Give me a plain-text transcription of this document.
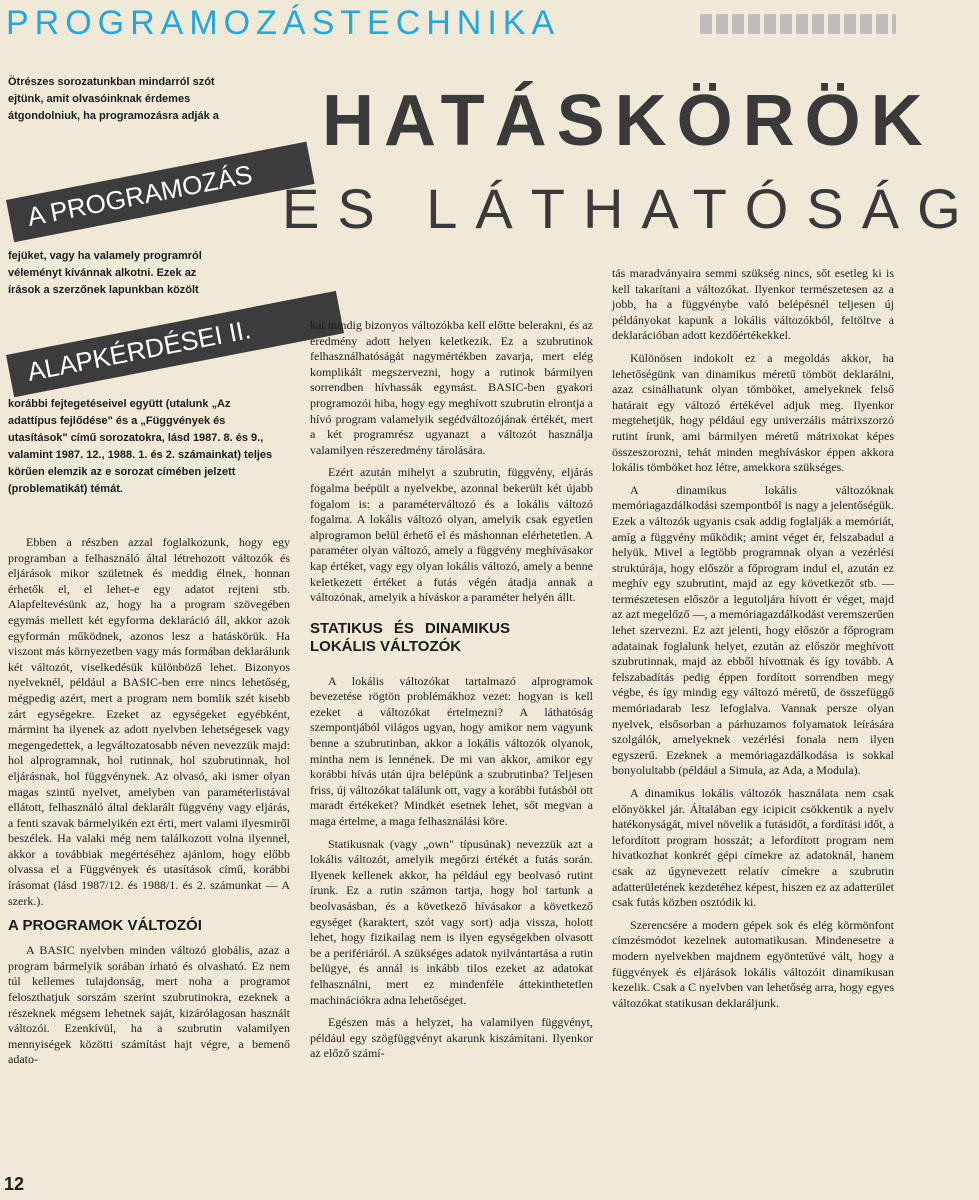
PROGRAMOZÁSTECHNIKA

Ötrészes sorozatunkban mindarról szót ejtünk, amit olvasóinknak érdemes átgondolniuk, ha programozásra adják a HATÁSKÖRÖK
ÉS LÁTHATÓSÁG
A PROGRAMOZÁS

fejüket, vagy ha valamely programról véleményt kívánnak alkotni. Ezek az írások a szerzőnek lapunkban közölt

ALAPKÉRDÉSEI II.

korábbi fejtegetéseivel együtt (utalunk „Az adattípus fejlődése" és a „Függvények és utasítások" című sorozatokra, lásd 1987. 8. és 9., valamint 1987. 12., 1988. 1. és 2. számainkat) teljes körűen elemzik az e sorozat címében jelzett (problematikát) témát.

Ebben a részben azzal foglalkozunk, hogy egy programban a felhasználó által létrehozott változók és eljárások mikor születnek és meddig élnek, honnan érhetők el, el lehet-e egy adatot rejteni stb. Alapfeltevésünk az, hogy ha a program szövegében egymás mellett két egyforma deklaráció áll, akkor azok egyformán működnek, azonos lesz a hatáskörük. Ha viszont más környezetben vagy más formában deklarálunk két változót, viselkedésük különböző lehet. Bizonyos nyelveknél, például a BASIC-ben erre nincs lehetőség, mégpedig azért, mert a program nem bomlik szét kisebb zárt egységekre. Ezeket az egységeket egyébként, mármint ha ilyenek az adott nyelvben lehetségesek vagy megengedettek, a legváltozatosabb néven nevezzük majd: hol alprogramnak, hol rutinnak, hol szubrutinnak, hol eljárásnak, hol függvénynek. Az olvasó, aki ismer olyan magas szintű nyelvet, amelyben van paraméterlistával ellátott, felhasználó által deklarált függvény vagy eljárás, a fenti szavak bármelyikén ezt érti, mert valami ilyesmiről beszélek. Ha valaki még nem találkozott volna ilyennel, akkor a továbbiak megértéséhez ajánlom, hogy előbb olvassa el a Függvények és utasítások című, korábbi írásomat (lásd 1987/12. és 1988/1. és 2. számunkat — A szerk.).

A PROGRAMOK VÁLTOZÓI

A BASIC nyelvben minden változó globális, azaz a program bármelyik sorában írható és olvasható. Ez nem túl kellemes tulajdonság, mert noha a programot feloszthatjuk sorszám szerint szubrutinokra, ezeknek a részeknek mégsem lehetnek saját, kizárólagosan használt változói. Ezenkívül, ha a szubrutin valamilyen mennyiségek közötti számítást hajt végre, a bemenő adato-

kat mindig bizonyos változókba kell előtte belerakni, és az eredmény adott helyen keletkezik. Ez a szubrutinok felhasználhatóságát nagymértékben zavarja, mert elég komplikált megszervezni, hogy a rutinok bármilyen sorrendben hívhassák egymást. BASIC-ben gyakori programozói hiba, hogy egy meghívott szubrutin elrontja a hívó program valamelyik segédváltozójának értékét, mert a két programrész ugyanazt a változót használja valamilyen részeredmény tárolására.

Ezért azután mihelyt a szubrutin, függvény, eljárás fogalma beépült a nyelvekbe, azonnal bekerült két újabb fogalom is: a paraméterváltozó és a lokális változó fogalma. A lokális változó olyan, amelyik csak egyetlen alprogramon belül érhető el és máshonnan elérhetetlen. A paraméter olyan változó, amely a függvény meghívásakor kap értéket, vagy egy olyan lokális változó, amely a benne keletkezett értéket a futás végén átadja annak a változónak, amelyik a híváskor a paraméter helyén állt.

STATIKUS ÉS DINAMIKUS LOKÁLIS VÁLTOZÓK

A lokális változókat tartalmazó alprogramok bevezetése rögtön problémákhoz vezet: hogyan is kell ezeket a változókat értelmezni? A láthatóság szempontjából világos ugyan, hogy amikor nem vagyunk benne a szubrutinban, akkor a lokális változók olyanok, mintha nem is lennének. De mi van akkor, amikor egy korábbi hívás után újra belépünk a szubrutinba? Teljesen friss, új változókat találunk ott, vagy a korábbi futásból ott maradt értékeket? Mindkét esetnek lehet, sőt megvan a maga értelme, a maga felhasználási köre.

Statikusnak (vagy „own" típusúnak) nevezzük azt a lokális változót, amelyik megőrzi értékét a futás során. Ilyenek kellenek akkor, ha például egy beolvasó rutint írunk. Ez a rutin számon tartja, hogy hol tartunk a beolvasásban, és a következő hívásakor a következő egységet (karaktert, szót vagy sort) adja vissza, holott lehet, hogy fizikailag nem is ilyen egységekben olvasott be a perifériáról. A szükséges adatok nyilvántartása a rutin belügye, és annál is inkább tilos ezeket az adatokat felhasználni, mert ez mindenféle áttekinthetetlen machinációkra adna lehetőséget.

Egészen más a helyzet, ha valamilyen függvényt, például egy szögfüggvényt akarunk kiszámítani. Ilyenkor az előző számí-

tás maradványaira semmi szükség nincs, sőt esetleg ki is kell takarítani a változókat. Ilyenkor természetesen az a jobb, ha a függvénybe való belépésnél teljesen új példányokat kapunk a lokális változókból, feltöltve a deklarációban adott kezdőértékekkel.

Különösen indokolt ez a megoldás akkor, ha lehetőségünk van dinamikus méretű tömböt deklarálni, azaz csinálhatunk olyan tömböket, amelyeknek felső határait egy változó értékével adjuk meg. Ilyenkor megtehetjük, hogy például egy univerzális mátrixszorzó rutint írunk, ami bármilyen méretű mátrixokat képes összeszorozni, tehát minden meghíváskor éppen akkora lokális tömböket hoz létre, amekkora szükséges.

A dinamikus lokális változóknak memóriagazdálkodási szempontból is nagy a jelentőségük. Ezek a változók ugyanis csak addig foglalják a memóriát, amíg a függvény működik; amint véget ér, felszabadul a helyük. Mivel a legtöbb programnak olyan a vezérlési struktúrája, hogy először a főprogram indul el, azután ez meghív egy szubrutint, majd az egy következőt stb. — természetesen először a legutoljára hívott ér véget, majd az azt megelőző —, a memóriagazdálkodást veremszerűen lehet szervezni. Ez azt jelenti, hogy először a főprogram adatainak foglalunk helyet, ezután az először meghívott szubrutinnak, majd az ebből hívottnak és így tovább. A felszabadítás pedig éppen fordított sorrendben megy végbe, és így mindig egy változó méretű, de összefüggő memóriadarab lesz lefoglalva. Vannak persze olyan nyelvek, elsősorban a párhuzamos folyamatok leírására szolgálók, amelyeknek vezérlési fonala nem ilyen egyszerű. Ezeknek a memóriagazdálkodása is sokkal bonyolultabb (például a Simula, az Ada, a Modula).

A dinamikus lokális változók használata nem csak előnyökkel jár. Általában egy icipicit csökkentik a nyelv hatékonyságát, mivel növelik a futásidőt, a fordítási időt, a lefordított program hosszát; a lefordított program nem hivatkozhat konkrét gépi címekre az adatoknál, hanem csak az úgynevezett relatív címekre a szubrutin adatterületének kezdetéhez képest, hiszen ez az adatterület csak futás közben osztódik ki.

Szerencsére a modern gépek sok és elég körmönfont címzésmódot kezelnek automatikusan. Mindenesetre a modern nyelvekben majdnem egyöntetűvé vált, hogy a függvények és eljárások lokális változóit dinamikusan kezelik. Csak a C nyelvben van lehetőség arra, hogy egyes változókat statikusan deklaráljunk.

12
